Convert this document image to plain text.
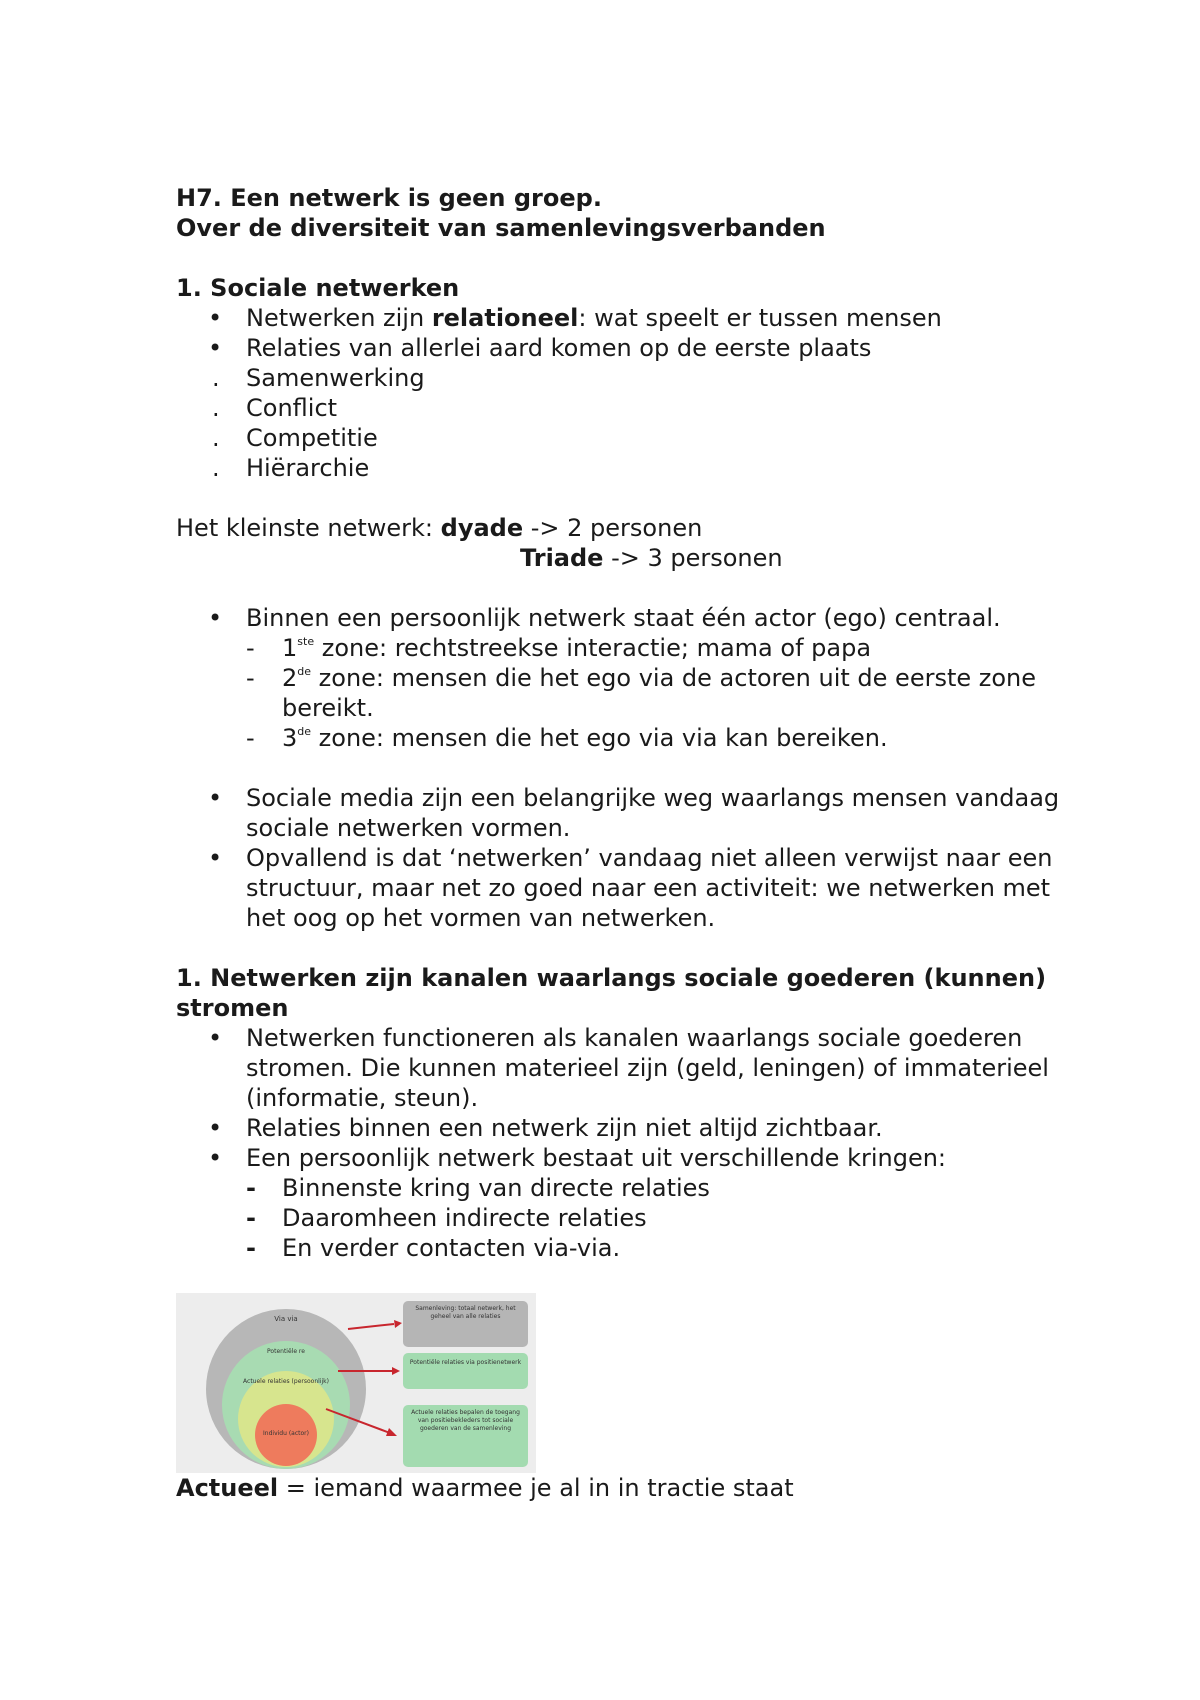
H7. Een netwerk is geen groep.

Over de diversiteit van samenlevingsverbanden

1. Sociale netwerken

• Netwerken zijn relationeel: wat speelt er tussen mensen
• Relaties van allerlei aard komen op de eerste plaats
.	Samenwerking
.	Conflict
.	Competitie
.	Hiërarchie

Het kleinste netwerk: dyade -> 2 personen

Triade -> 3 personen

• Binnen een persoonlijk netwerk staat één actor (ego) centraal.
-	1ste zone: rechtstreekse interactie; mama of papa
-	2de zone: mensen die het ego via de actoren uit de eerste zone bereikt.
-	3de zone: mensen die het ego via via kan bereiken.
• Sociale media zijn een belangrijke weg waarlangs mensen vandaag sociale netwerken vormen.
• Opvallend is dat ‘netwerken’ vandaag niet alleen verwijst naar een structuur, maar net zo goed naar een activiteit: we netwerken met het oog op het vormen van netwerken.

1. Netwerken zijn kanalen waarlangs sociale goederen (kunnen) stromen

• Netwerken functioneren als kanalen waarlangs sociale goederen stromen. Die kunnen materieel zijn (geld, leningen) of immaterieel (informatie, steun).
• Relaties binnen een netwerk zijn niet altijd zichtbaar.
• Een persoonlijk netwerk bestaat uit verschillende kringen:
-	Binnenste kring van directe relaties
-	Daaromheen indirecte relaties
-	En verder contacten via-via.
Via via
Potentiële re
Actuele relaties (persoonlijk)
Individu (actor)
Samenleving: totaal netwerk, het geheel van alle relaties
Potentiële relaties via positienetwerk
Actuele relaties bepalen de toegang van positiebekleders tot sociale goederen van de samenleving

Actueel = iemand waarmee je al in in tractie staat
